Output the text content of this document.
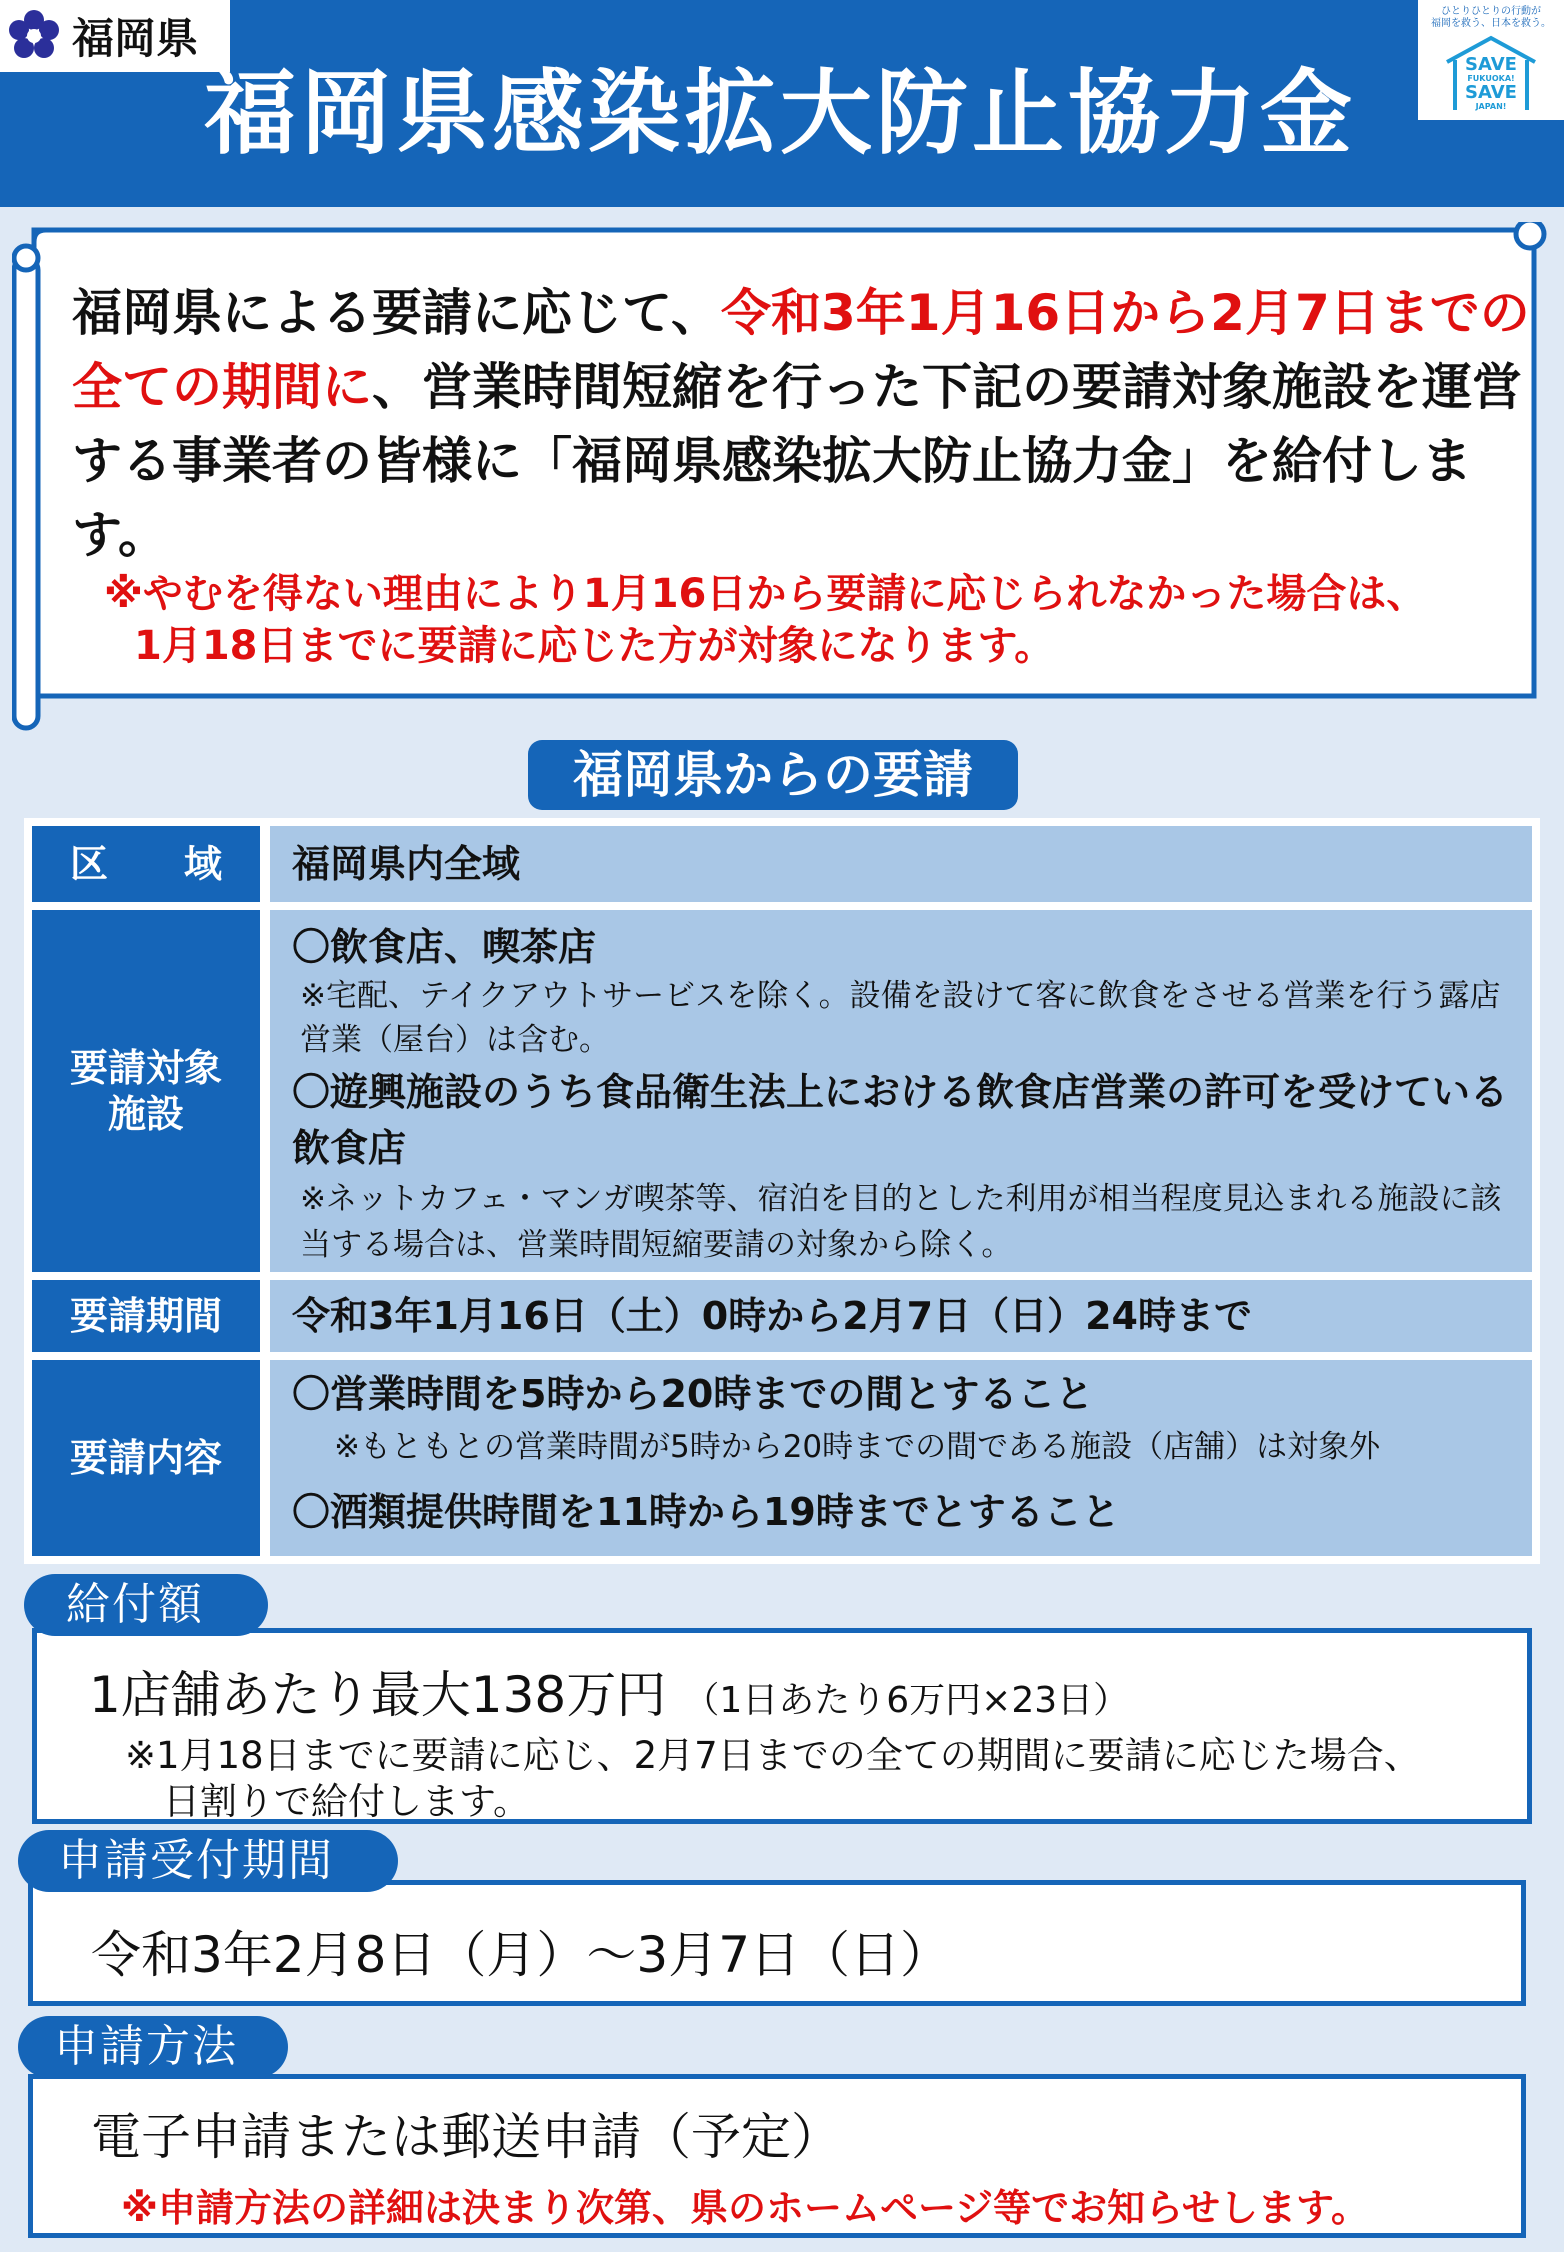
福岡県
福岡県感染拡大防止協力金
ひとりひとりの行動が
福岡を救う、日本を救う。
SAVE
FUKUOKA!
SAVE
JAPAN!
福岡県による要請に応じて、令和3年1月16日から2月7日までの全ての期間に、営業時間短縮を行った下記の要請対象施設を運営する事業者の皆様に「福岡県感染拡大防止協力金」を給付します。
※やむを得ない理由により1月16日から要請に応じられなかった場合は、
1月18日までに要請に応じた方が対象になります。
福岡県からの要請
区　　域	福岡県内全域
要請対象
施設
〇飲食店、喫茶店
※宅配、テイクアウトサービスを除く。設備を設けて客に飲食をさせる営業を行う露店営業（屋台）は含む。
〇遊興施設のうち食品衛生法上における飲食店営業の許可を受けている飲食店
※ネットカフェ・マンガ喫茶等、宿泊を目的とした利用が相当程度見込まれる施設に該当する場合は、営業時間短縮要請の対象から除く。
要請期間	令和3年1月16日（土）0時から2月7日（日）24時まで
要請内容
〇営業時間を5時から20時までの間とすること
※もともとの営業時間が5時から20時までの間である施設（店舗）は対象外
〇酒類提供時間を11時から19時までとすること
1店舗あたり最大138万円 （1日あたり6万円×23日）
※1月18日までに要請に応じ、2月7日までの全ての期間に要請に応じた場合、
日割りで給付します。
給付額
令和3年2月8日（月）～3月7日（日）
申請受付期間
電子申請または郵送申請（予定）
※申請方法の詳細は決まり次第、県のホームページ等でお知らせします。
申請方法
